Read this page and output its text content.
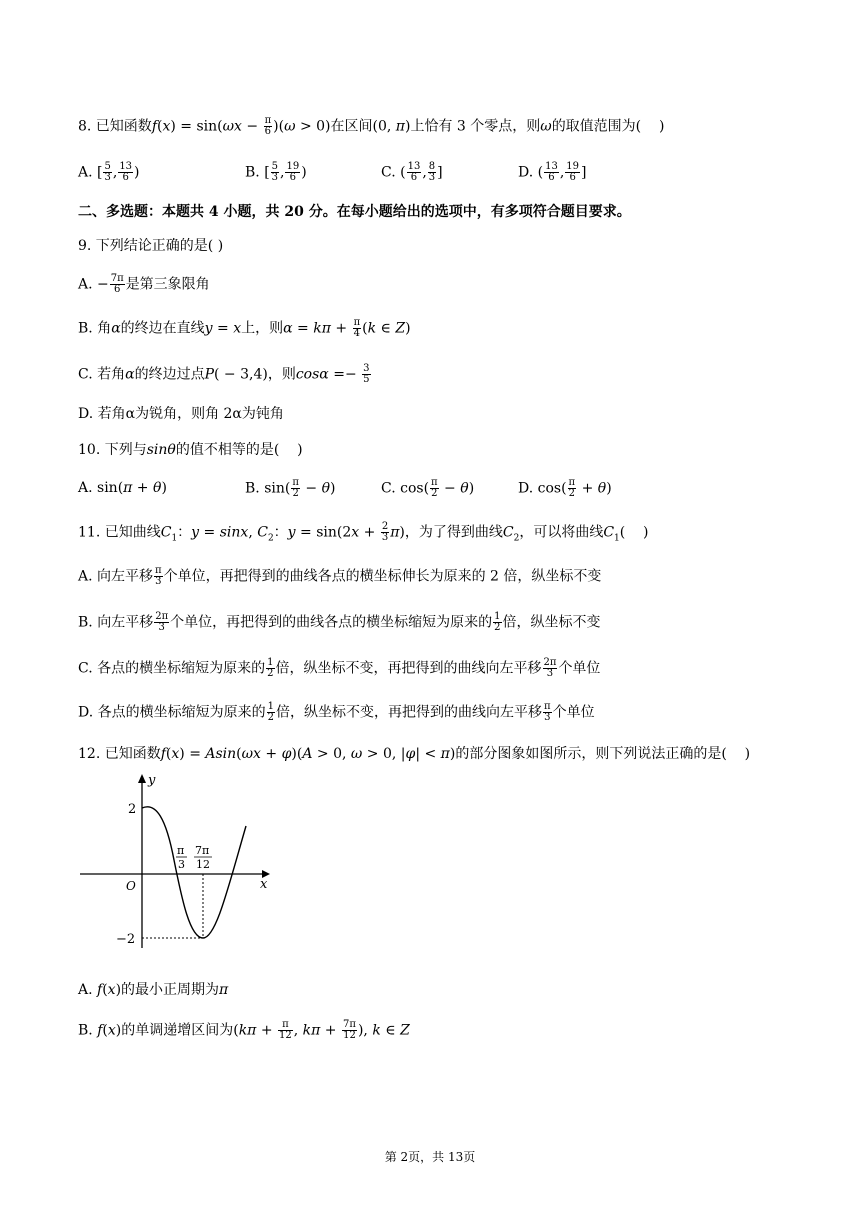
8. 已知函数$f(x) = \sin(\omega x - \frac{\pi}{6} )(\omega > 0)$在区间(0, π)上恰有 3 个零点，则ω的取值范围为(    )
A. [ $\frac{5}{3}$ , $\frac{13}{6}$ )	B. [ $\frac{5}{3}$ , $\frac{19}{6}$ )	C. ( $\frac{13}{6}$ , $\frac{8}{3}$ ]	D. ( $\frac{13}{6}$ , $\frac{19}{6}$ ]
二、多选题：本题共 4 小题，共 20 分。在每小题给出的选项中，有多项符合题目要求。
9. 下列结论正确的是( )
A. − $\frac{7\pi}{6}$ 是第三象限角
B. 角α的终边在直线y = x上，则$\alpha = k\pi + \frac{\pi}{4} (k$ ∈ Z)
C. 若角α的终边过点P( − 3,4)，则$\cos\alpha =- \frac{3}{5}$
D. 若角α为锐角，则角 2α为钝角
10. 下列与sinθ的值不相等的是(    )
A. sin(π + θ)	B. $\sin( \frac{\pi}{2} - \theta)$	C. $\cos( \frac{\pi}{2} - \theta)$	D. $\cos( \frac{\pi}{2} + \theta)$
11. 已知曲线$C_1$：y = sinx, $C_2$：$y = \sin(2x + \frac{2}{3} \pi)$，为了得到曲线$C_2$，可以将曲线$C_1$(    )
A. 向左平移 $\frac{\pi}{3}$ 个单位，再把得到的曲线各点的横坐标伸长为原来的 2 倍，纵坐标不变
B. 向左平移 $\frac{2\pi}{3}$ 个单位，再把得到的曲线各点的横坐标缩短为原来的 $\frac{1}{2}$ 倍，纵坐标不变
C. 各点的横坐标缩短为原来的 $\frac{1}{2}$ 倍，纵坐标不变，再把得到的曲线向左平移 $\frac{2\pi}{3}$ 个单位
D. 各点的横坐标缩短为原来的 $\frac{1}{2}$ 倍，纵坐标不变，再把得到的曲线向左平移 $\frac{\pi}{3}$ 个单位
12. 已知函数f(x) = Asin(ωx + φ)(A > 0, ω > 0, |φ| < π)的部分图象如图所示，则下列说法正确的是(    )
y
x
O
2
−2
π
3
7π
12
A. f(x)的最小正周期为π
B. f(x)的单调递增区间为($k\pi + \frac{\pi}{12}$ , $k\pi + \frac{7\pi}{12}$ ), k ∈ Z
第 2页，共 13页
